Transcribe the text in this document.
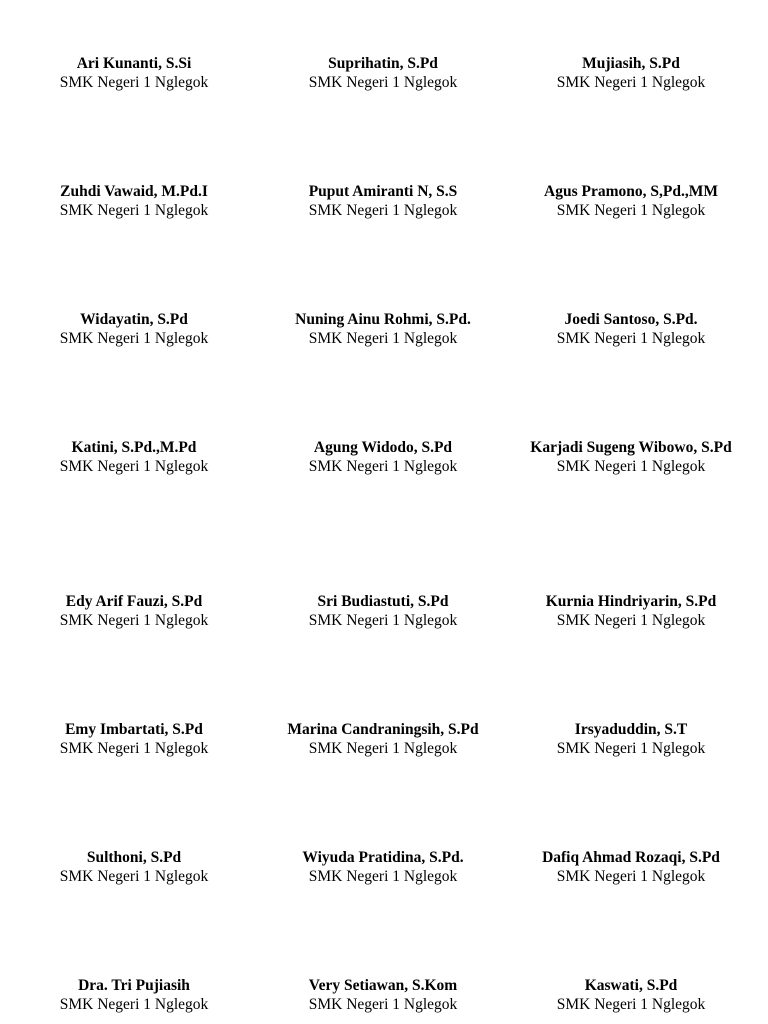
Ari Kunanti, S.Si
SMK Negeri 1 Nglegok
Suprihatin, S.Pd
SMK Negeri 1 Nglegok
Mujiasih, S.Pd
SMK Negeri 1 Nglegok
Zuhdi Vawaid, M.Pd.I
SMK Negeri 1 Nglegok
Puput Amiranti N, S.S
SMK Negeri 1 Nglegok
Agus Pramono, S,Pd.,MM
SMK Negeri 1 Nglegok
Widayatin, S.Pd
SMK Negeri 1 Nglegok
Nuning Ainu Rohmi, S.Pd.
SMK Negeri 1 Nglegok
Joedi Santoso, S.Pd.
SMK Negeri 1 Nglegok
Katini, S.Pd.,M.Pd
SMK Negeri 1 Nglegok
Agung Widodo, S.Pd
SMK Negeri 1 Nglegok
Karjadi Sugeng Wibowo, S.Pd
SMK Negeri 1 Nglegok
Edy Arif Fauzi, S.Pd
SMK Negeri 1 Nglegok
Sri Budiastuti, S.Pd
SMK Negeri 1 Nglegok
Kurnia Hindriyarin, S.Pd
SMK Negeri 1 Nglegok
Emy Imbartati, S.Pd
SMK Negeri 1 Nglegok
Marina Candraningsih, S.Pd
SMK Negeri 1 Nglegok
Irsyaduddin, S.T
SMK Negeri 1 Nglegok
Sulthoni, S.Pd
SMK Negeri 1 Nglegok
Wiyuda Pratidina, S.Pd.
SMK Negeri 1 Nglegok
Dafiq Ahmad Rozaqi, S.Pd
SMK Negeri 1 Nglegok
Dra. Tri Pujiasih
SMK Negeri 1 Nglegok
Very Setiawan, S.Kom
SMK Negeri 1 Nglegok
Kaswati, S.Pd
SMK Negeri 1 Nglegok
